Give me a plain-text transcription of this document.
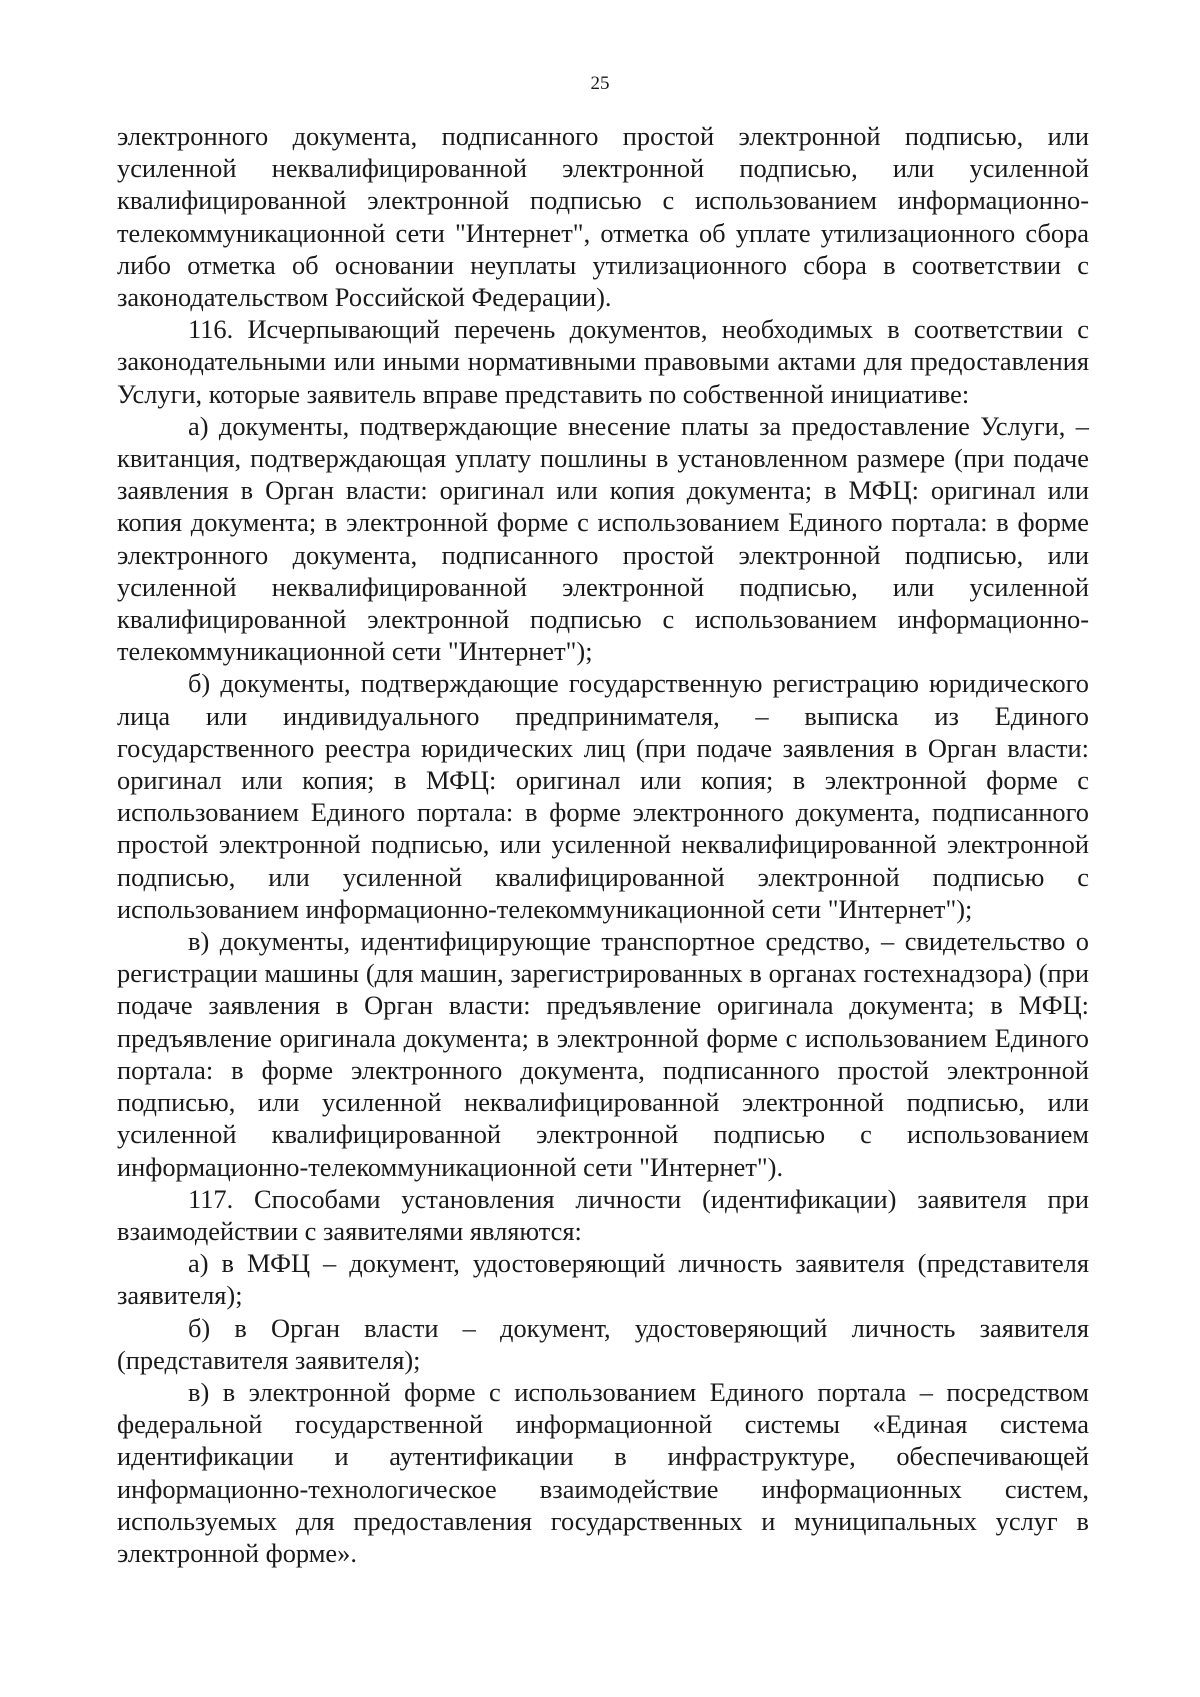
25

электронного документа, подписанного простой электронной подписью, или усиленной неквалифицированной электронной подписью, или усиленной квалифицированной электронной подписью с использованием информационно-телекоммуникационной сети "Интернет", отметка об уплате утилизационного сбора либо отметка об основании неуплаты утилизационного сбора в соответствии с законодательством Российской Федерации).

116. Исчерпывающий перечень документов, необходимых в соответствии с законодательными или иными нормативными правовыми актами для предоставления Услуги, которые заявитель вправе представить по собственной инициативе:

а) документы, подтверждающие внесение платы за предоставление Услуги, – квитанция, подтверждающая уплату пошлины в установленном размере (при подаче заявления в Орган власти: оригинал или копия документа; в МФЦ: оригинал или копия документа; в электронной форме с использованием Единого портала: в форме электронного документа, подписанного простой электронной подписью, или усиленной неквалифицированной электронной подписью, или усиленной квалифицированной электронной подписью с использованием информационно-телекоммуникационной сети "Интернет");

б) документы, подтверждающие государственную регистрацию юридического лица или индивидуального предпринимателя, – выписка из Единого государственного реестра юридических лиц (при подаче заявления в Орган власти: оригинал или копия; в МФЦ: оригинал или копия; в электронной форме с использованием Единого портала: в форме электронного документа, подписанного простой электронной подписью, или усиленной неквалифицированной электронной подписью, или усиленной квалифицированной электронной подписью с использованием информационно-телекоммуникационной сети "Интернет");

в) документы, идентифицирующие транспортное средство, – свидетельство о регистрации машины (для машин, зарегистрированных в органах гостехнадзора) (при подаче заявления в Орган власти: предъявление оригинала документа; в МФЦ: предъявление оригинала документа; в электронной форме с использованием Единого портала: в форме электронного документа, подписанного простой электронной подписью, или усиленной неквалифицированной электронной подписью, или усиленной квалифицированной электронной подписью с использованием информационно-телекоммуникационной сети "Интернет").

117. Способами установления личности (идентификации) заявителя при взаимодействии с заявителями являются:

а) в МФЦ – документ, удостоверяющий личность заявителя (представителя заявителя);

б) в Орган власти – документ, удостоверяющий личность заявителя (представителя заявителя);

в) в электронной форме с использованием Единого портала – посредством федеральной государственной информационной системы «Единая система идентификации и аутентификации в инфраструктуре, обеспечивающей информационно-технологическое взаимодействие информационных систем, используемых для предоставления государственных и муниципальных услуг в электронной форме».
